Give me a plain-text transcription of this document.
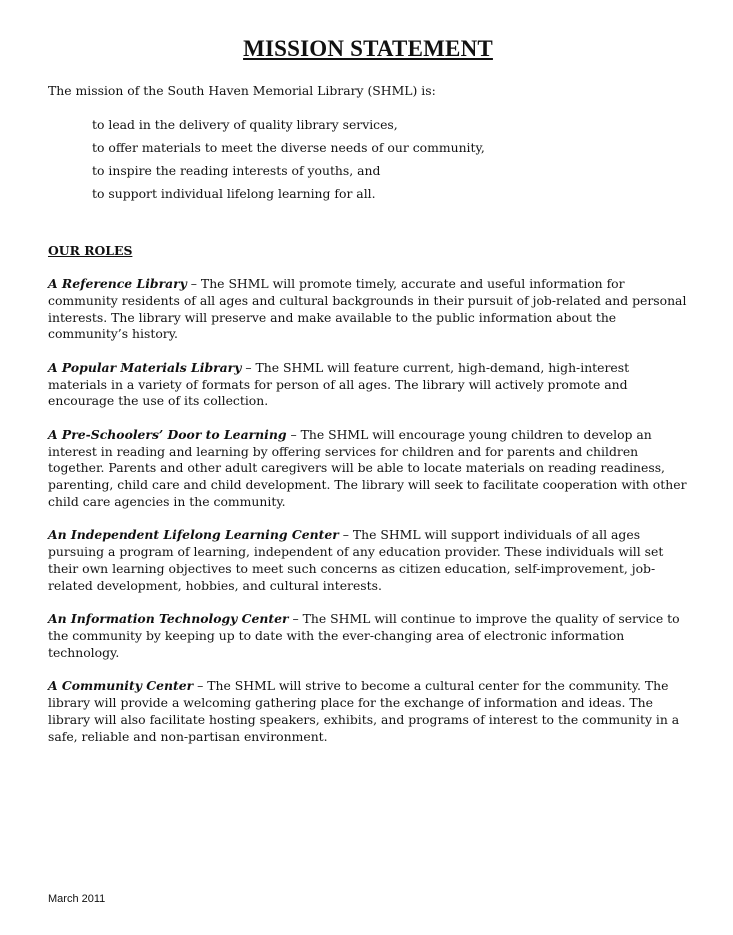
MISSION STATEMENT

The mission of the South Haven Memorial Library (SHML) is:

to lead in the delivery of quality library services,
to offer materials to meet the diverse needs of our community,
to inspire the reading interests of youths, and
to support individual lifelong learning for all.
OUR ROLES

A Reference Library – The SHML will promote timely, accurate and useful information for community residents of all ages and cultural backgrounds in their pursuit of job-related and personal interests. The library will preserve and make available to the public information about the community’s history.

A Popular Materials Library – The SHML will feature current, high-demand, high-interest materials in a variety of formats for person of all ages. The library will actively promote and encourage the use of its collection.

A Pre-Schoolers’ Door to Learning – The SHML will encourage young children to develop an interest in reading and learning by offering services for children and for parents and children together. Parents and other adult caregivers will be able to locate materials on reading readiness, parenting, child care and child development. The library will seek to facilitate cooperation with other child care agencies in the community.

An Independent Lifelong Learning Center – The SHML will support individuals of all ages pursuing a program of learning, independent of any education provider. These individuals will set their own learning objectives to meet such concerns as citizen education, self-improvement, job-related development, hobbies, and cultural interests.

An Information Technology Center – The SHML will continue to improve the quality of service to the community by keeping up to date with the ever-changing area of electronic information technology.

A Community Center – The SHML will strive to become a cultural center for the community. The library will provide a welcoming gathering place for the exchange of information and ideas. The library will also facilitate hosting speakers, exhibits, and programs of interest to the community in a safe, reliable and non-partisan environment.

March 2011
